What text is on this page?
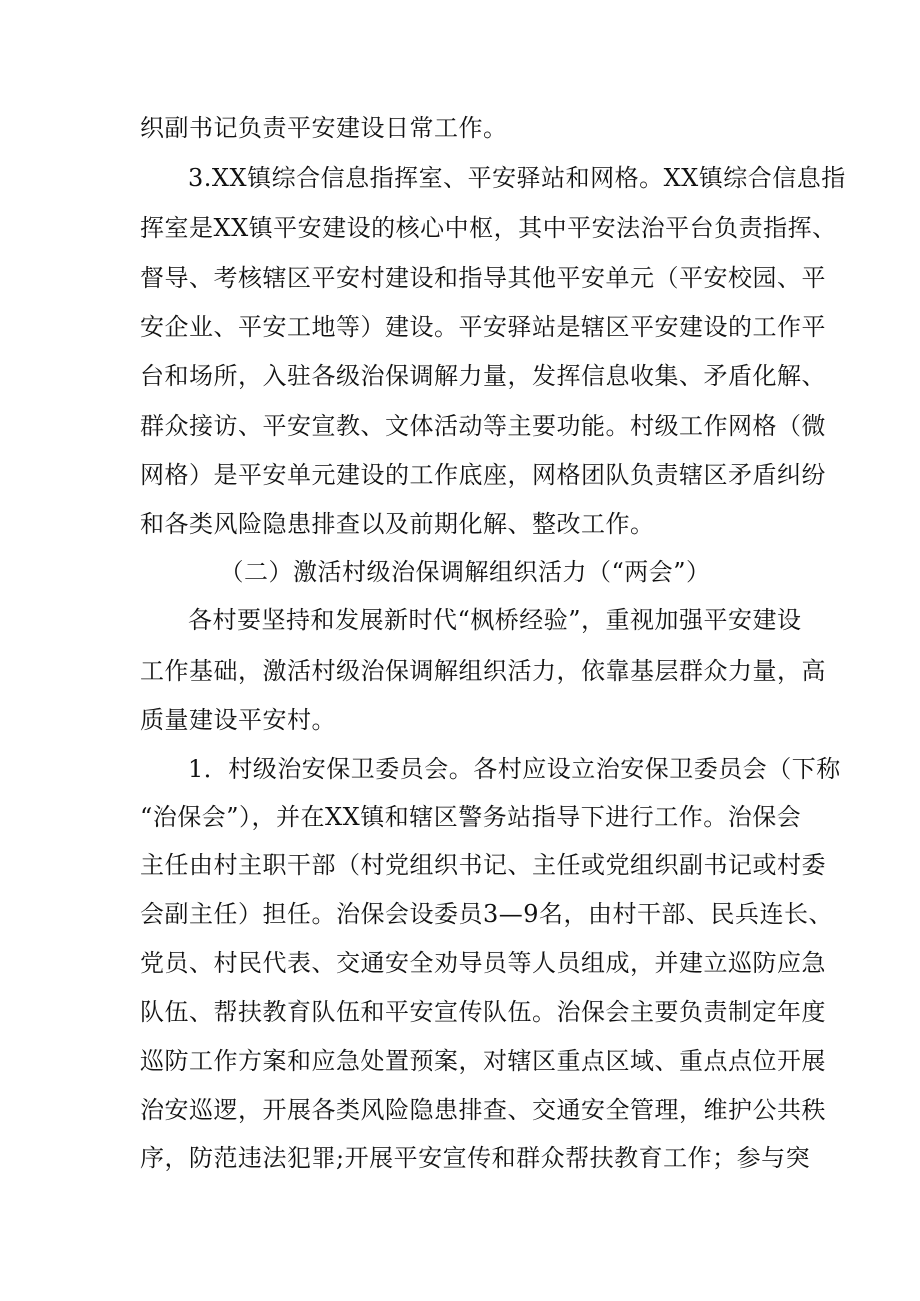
织副书记负责平安建设日常工作。
3.XX镇综合信息指挥室、平安驿站和网格。XX镇综合信息指
挥室是XX镇平安建设的核心中枢，其中平安法治平台负责指挥、
督导、考核辖区平安村建设和指导其他平安单元（平安校园、平
安企业、平安工地等）建设。平安驿站是辖区平安建设的工作平
台和场所，入驻各级治保调解力量，发挥信息收集、矛盾化解、
群众接访、平安宣教、文体活动等主要功能。村级工作网格（微
网格）是平安单元建设的工作底座，网格团队负责辖区矛盾纠纷
和各类风险隐患排查以及前期化解、整改工作。
（二）激活村级治保调解组织活力（“两会”）
各村要坚持和发展新时代“枫桥经验”，重视加强平安建设
工作基础，激活村级治保调解组织活力，依靠基层群众力量，高
质量建设平安村。
1．村级治安保卫委员会。各村应设立治安保卫委员会（下称
“治保会”），并在XX镇和辖区警务站指导下进行工作。治保会
主任由村主职干部（村党组织书记、主任或党组织副书记或村委
会副主任）担任。治保会设委员3—9名，由村干部、民兵连长、
党员、村民代表、交通安全劝导员等人员组成，并建立巡防应急
队伍、帮扶教育队伍和平安宣传队伍。治保会主要负责制定年度
巡防工作方案和应急处置预案，对辖区重点区域、重点点位开展
治安巡逻，开展各类风险隐患排查、交通安全管理，维护公共秩
序，防范违法犯罪;开展平安宣传和群众帮扶教育工作；参与突
